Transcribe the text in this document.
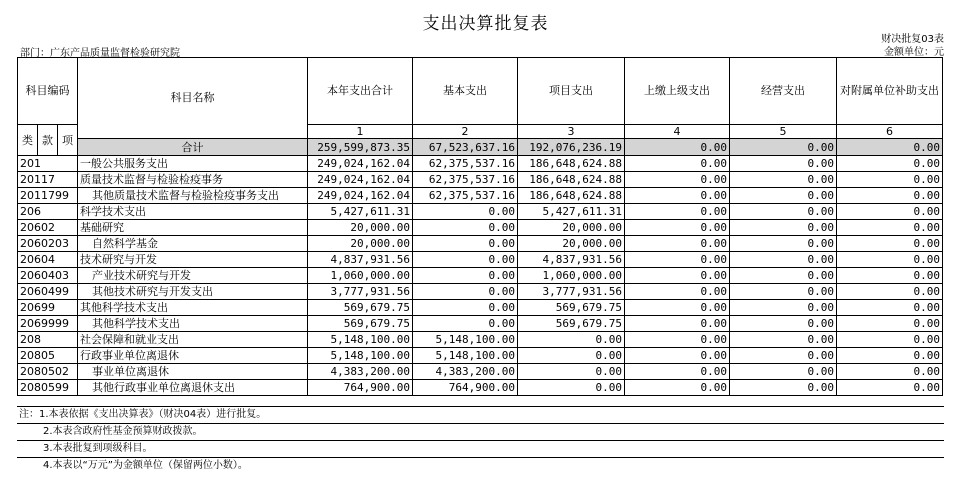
支出决算批复表
财决批复03表
金额单位：元
部门：广东产品质量监督检验研究院
科目编码			科目名称	本年支出合计	基本支出	项目支出	上缴上级支出	经营支出	对附属单位补助支出
类	款	项		1	2	3	4	5	6
			合计	259,599,873.35	67,523,637.16	192,076,236.19	0.00	0.00	0.00
201			一般公共服务支出	249,024,162.04	62,375,537.16	186,648,624.88	0.00	0.00	0.00
20117			质量技术监督与检验检疫事务	249,024,162.04	62,375,537.16	186,648,624.88	0.00	0.00	0.00
2011799			其他质量技术监督与检验检疫事务支出	249,024,162.04	62,375,537.16	186,648,624.88	0.00	0.00	0.00
206			科学技术支出	5,427,611.31	0.00	5,427,611.31	0.00	0.00	0.00
20602			基础研究	20,000.00	0.00	20,000.00	0.00	0.00	0.00
2060203			自然科学基金	20,000.00	0.00	20,000.00	0.00	0.00	0.00
20604			技术研究与开发	4,837,931.56	0.00	4,837,931.56	0.00	0.00	0.00
2060403			产业技术研究与开发	1,060,000.00	0.00	1,060,000.00	0.00	0.00	0.00
2060499			其他技术研究与开发支出	3,777,931.56	0.00	3,777,931.56	0.00	0.00	0.00
20699			其他科学技术支出	569,679.75	0.00	569,679.75	0.00	0.00	0.00
2069999			其他科学技术支出	569,679.75	0.00	569,679.75	0.00	0.00	0.00
208			社会保障和就业支出	5,148,100.00	5,148,100.00	0.00	0.00	0.00	0.00
20805			行政事业单位离退休	5,148,100.00	5,148,100.00	0.00	0.00	0.00	0.00
2080502			事业单位离退休	4,383,200.00	4,383,200.00	0.00	0.00	0.00	0.00
2080599			其他行政事业单位离退休支出	764,900.00	764,900.00	0.00	0.00	0.00	0.00
注：1.本表依据《支出决算表》（财决04表）进行批复。
2.本表含政府性基金预算财政拨款。
3.本表批复到项级科目。
4.本表以“万元”为金额单位（保留两位小数）。
